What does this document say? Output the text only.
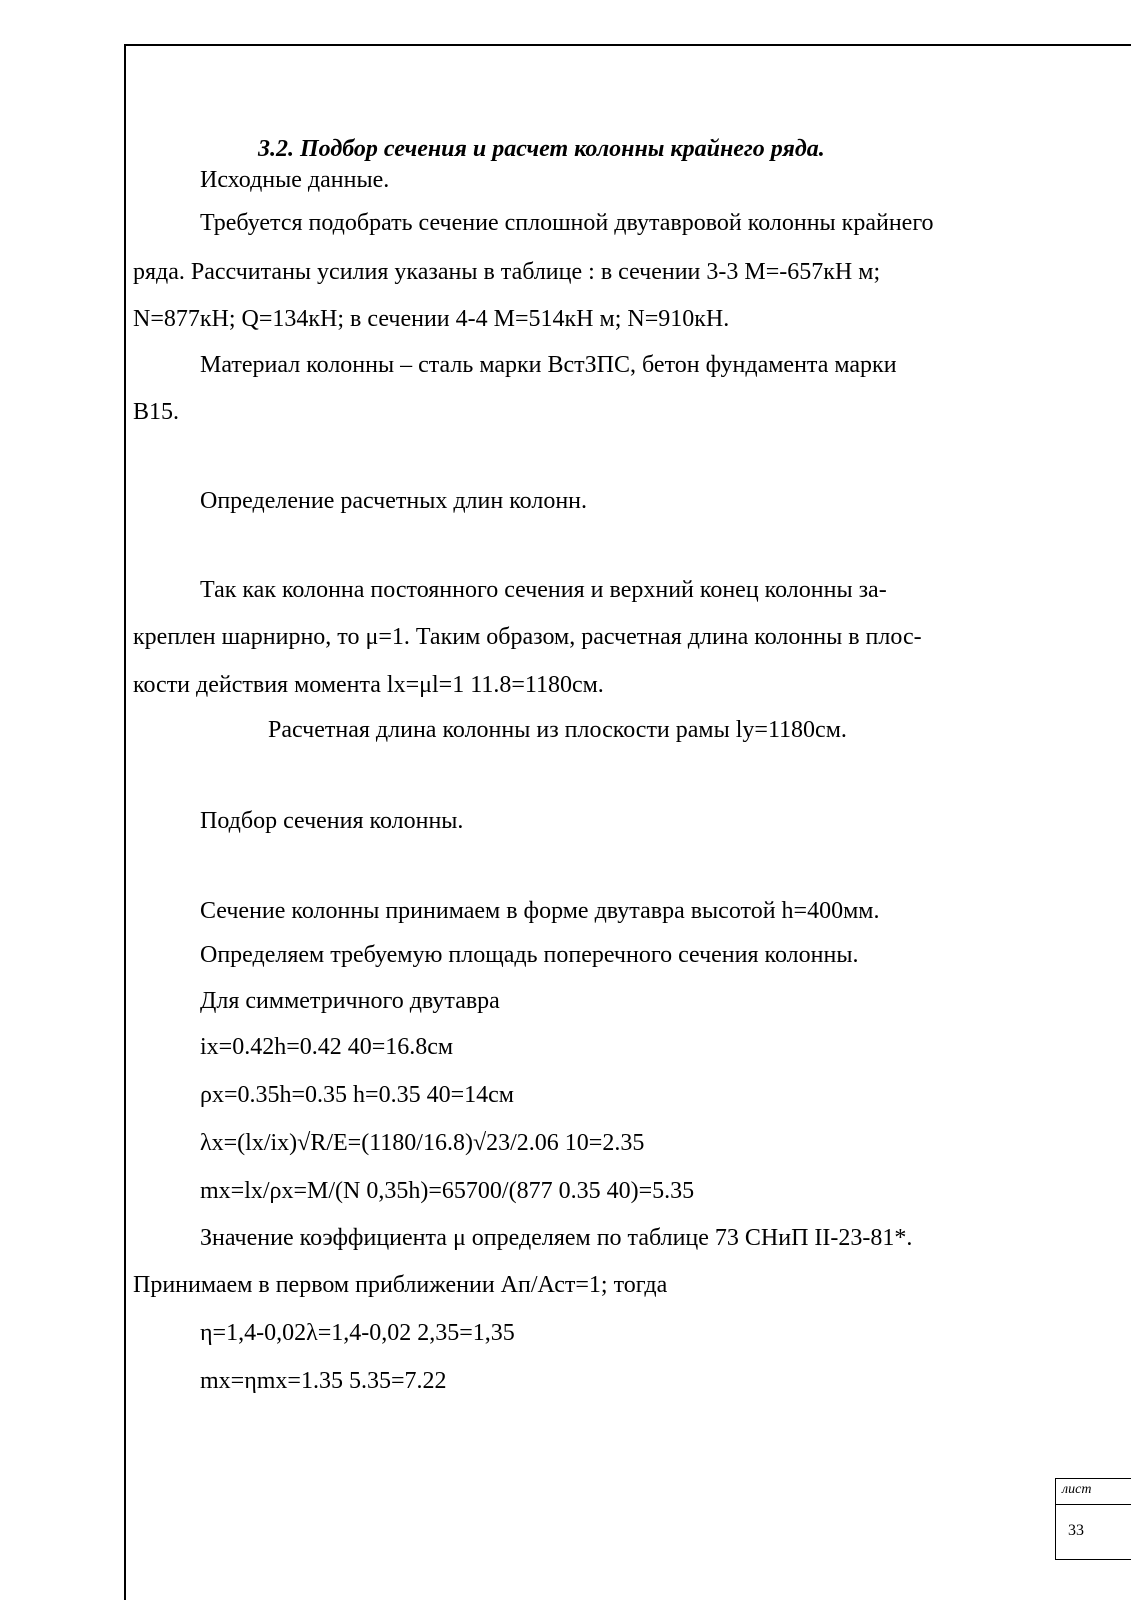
3.2. Подбор сечения и расчет колонны крайнего ряда.
Исходные данные.
Требуется подобрать сечение сплошной двутавровой колонны крайнего
ряда. Рассчитаны усилия указаны в таблице : в сечении 3-3 М=-657кН м;
N=877кН; Q=134кН; в сечении 4-4 М=514кН м; N=910кН.
Материал колонны – сталь марки ВстЗПС, бетон фундамента марки
В15.
Определение расчетных длин колонн.
Так как колонна постоянного сечения и верхний конец колонны за-
креплен шарнирно, то μ=1. Таким образом, расчетная длина колонны в плос-
кости действия момента lx=μl=1 11.8=1180см.
Расчетная длина колонны из плоскости рамы ly=1180см.
Подбор сечения колонны.
Сечение колонны принимаем в форме двутавра высотой h=400мм.
Определяем требуемую площадь поперечного сечения колонны.
Для симметричного двутавра
ix=0.42h=0.42 40=16.8см
ρx=0.35h=0.35 h=0.35 40=14см
λx=(lx/ix)√R/E=(1180/16.8)√23/2.06 10=2.35
mx=lx/ρx=M/(N 0,35h)=65700/(877 0.35 40)=5.35
Значение коэффициента μ определяем по таблице 73 СНиП II-23-81*.
Принимаем в первом приближении Ап/Аст=1; тогда
η=1,4-0,02λ=1,4-0,02 2,35=1,35
mx=ηmx=1.35 5.35=7.22
лист
33
